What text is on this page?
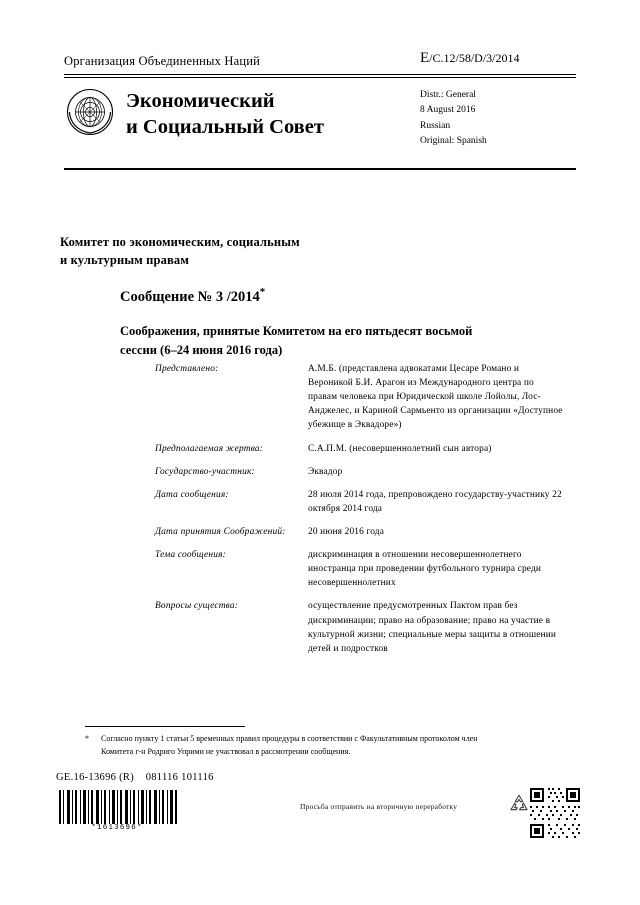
Организация Объединенных Наций	E/C.12/58/D/3/2014
Экономический
и Социальный Совет
Distr.: General
8 August 2016
Russian
Original: Spanish
Комитет по экономическим, социальным
и культурным правам
Сообщение № 3 /2014*
Соображения, принятые Комитетом на его пятьдесят восьмой
сессии (6–24 июня 2016 года)
Представлено:	А.М.Б. (представлена адвокатами Цесаре Романо и Вероникой Б.И. Арагон из Международного центра по правам человека при Юридической школе Лойолы, Лос-Анджелес, и Кариной Сармьенто из организации «Доступное убежище в Эквадоре»)
Предполагаемая жертва:	С.А.П.М. (несовершеннолетний сын автора)
Государство-участник:	Эквадор
Дата сообщения:	28 июля 2014 года, препровождено государству-участнику 22 октября 2014 года
Дата принятия Соображений:	20 июня 2016 года
Тема сообщения:	дискриминация в отношении несовершеннолетнего иностранца при проведении футбольного турнира среди несовершеннолетних
Вопросы существа:	осуществление предусмотренных Пактом прав без дискриминации; право на образование; право на участие в культурной жизни; специальные меры защиты в отношении детей и подростков
*	Согласно пункту 1 статьи 5 временных правил процедуры в соответствии с Факультативным протоколом член Комитета г-н Родриго Уприми не участвовал в рассмотрении сообщения.
GE.16-13696 (R) 081116 101116
*1613696*
Просьба отправить на вторичную переработку
